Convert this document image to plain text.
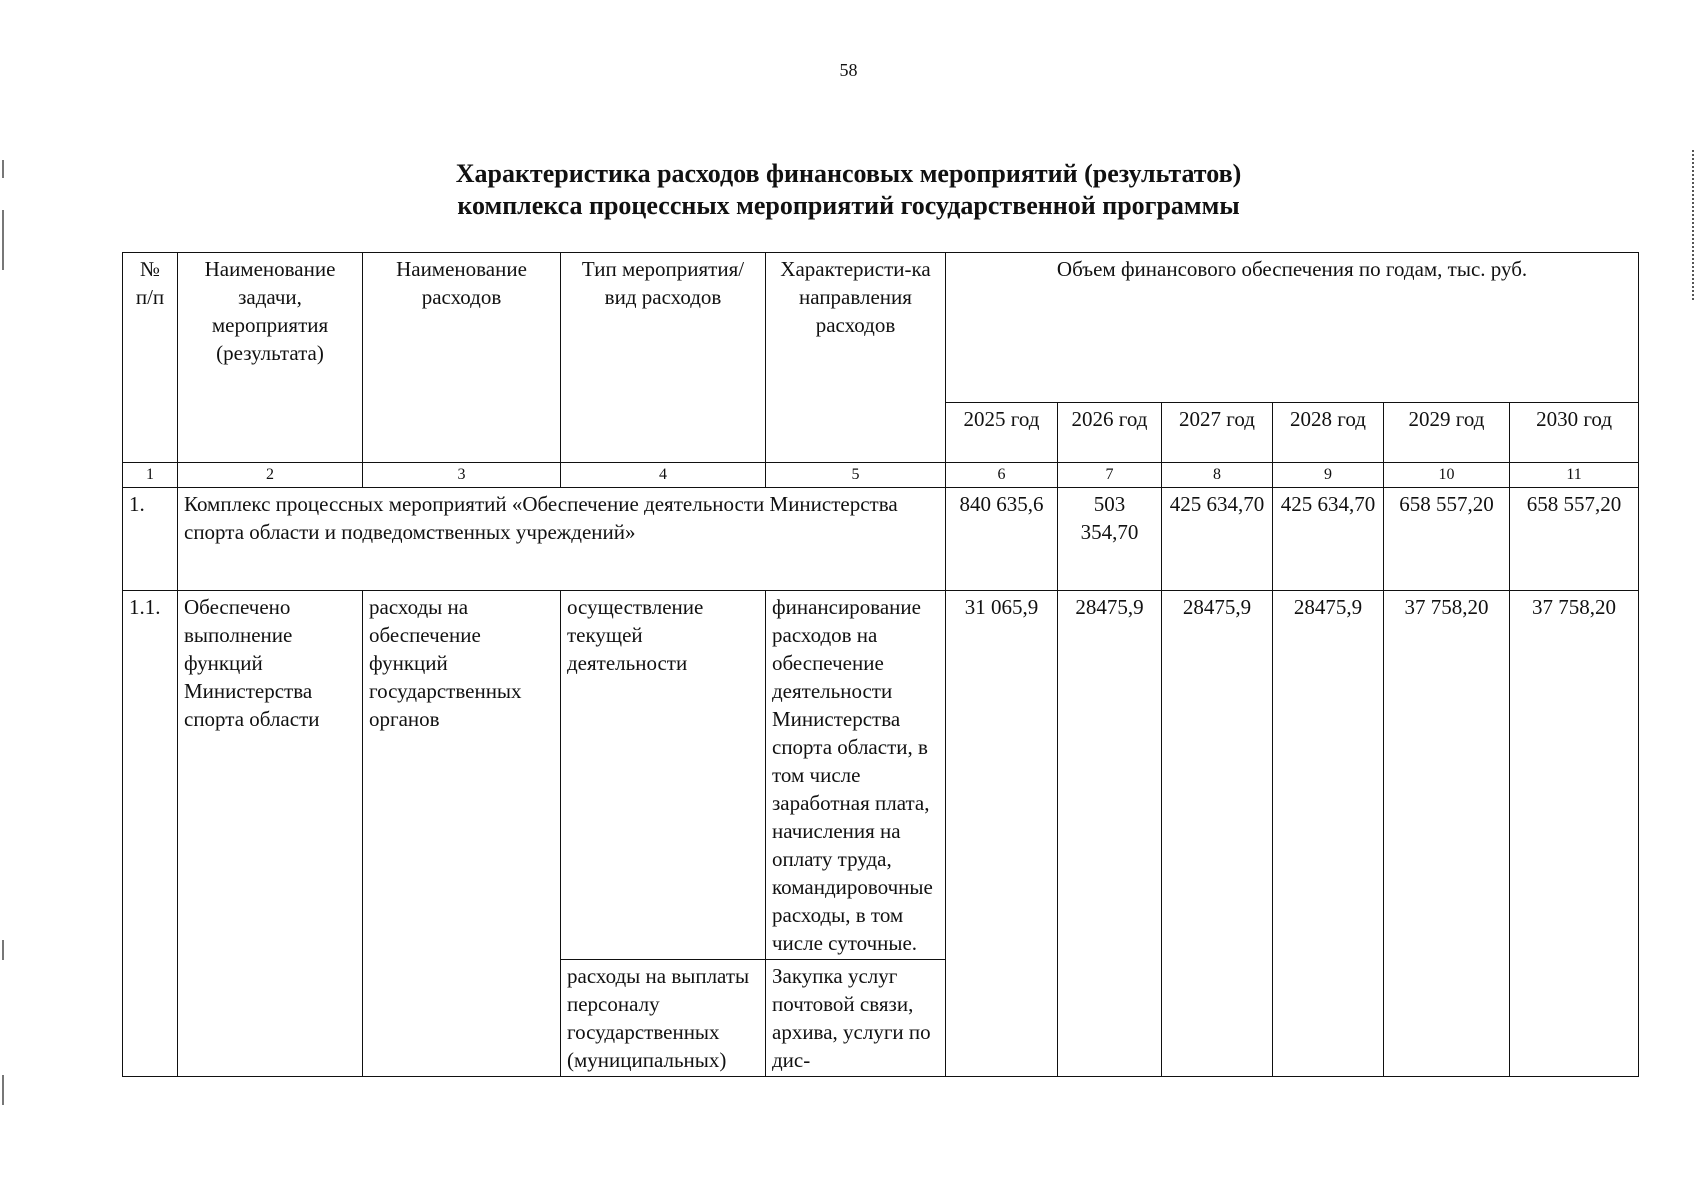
58
Характеристика расходов финансовых мероприятий (результатов)
комплекса процессных мероприятий государственной программы
№ п/п	Наименование задачи, мероприятия (результата)	Наименование расходов	Тип мероприятия/ вид расходов	Характеристи-ка направления расходов	Объем финансового обеспечения по годам, тыс. руб.					
					2025 год	2026 год	2027 год	2028 год	2029 год	2030 год
1	2	3	4	5	6	7	8	9	10	11
1.	Комплекс процессных мероприятий «Обеспечение деятельности Министерства спорта области и подведомственных учреждений»				840 635,6	503 354,70	425 634,70	425 634,70	658 557,20	658 557,20
1.1.	Обеспечено выполнение функций Министерства спорта области	расходы на обеспечение функций государственных органов	осуществление текущей деятельности	финансирование расходов на обеспечение деятельности Министерства спорта области, в том числе заработная плата, начисления на оплату труда, командировочные расходы, в том числе суточные.	31 065,9	28475,9	28475,9	28475,9	37 758,20	37 758,20
			расходы на выплаты персоналу государственных (муниципальных)	Закупка услуг почтовой связи, архива, услуги по дис-						
